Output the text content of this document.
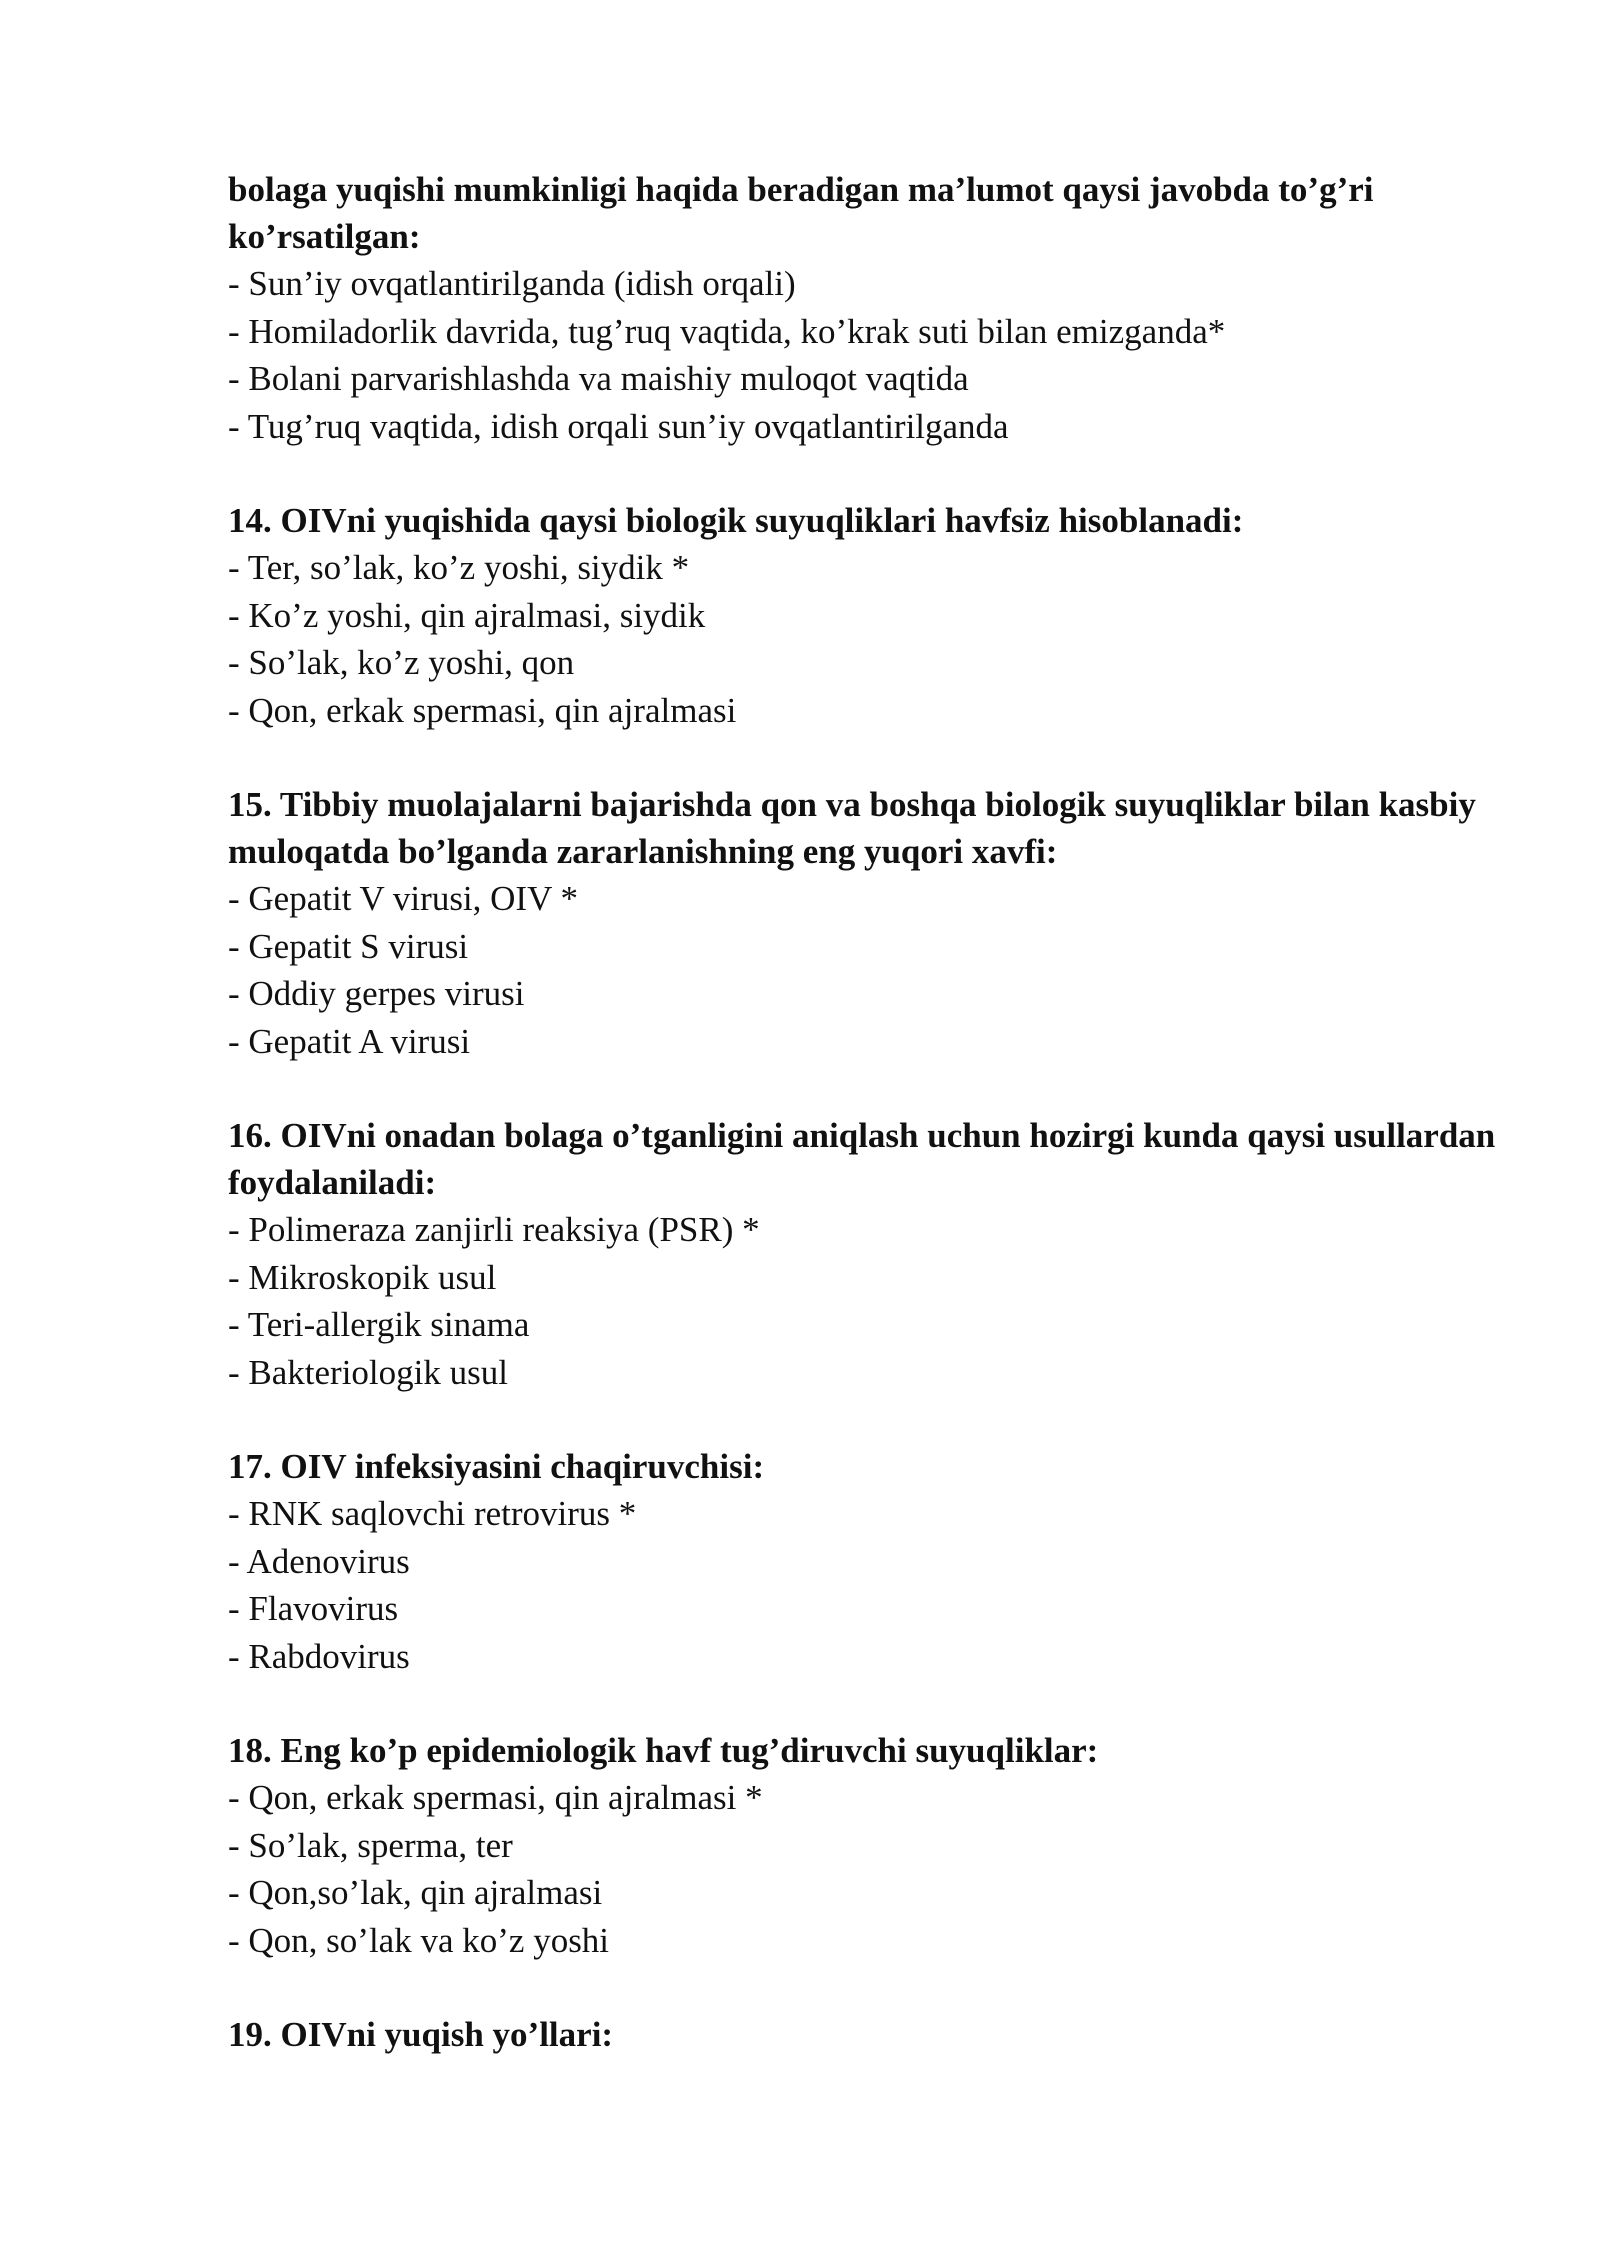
bolaga yuqishi mumkinligi haqida beradigan ma’lumot qaysi javobda to’g’ri ko’rsatilgan:

- Sun’iy ovqatlantirilganda (idish orqali)
- Homiladorlik davrida, tug’ruq vaqtida, ko’krak suti bilan emizganda*
- Bolani parvarishlashda va maishiy muloqot vaqtida
- Tug’ruq vaqtida, idish orqali sun’iy ovqatlantirilganda

14. OIVni yuqishida qaysi biologik suyuqliklari havfsiz hisoblanadi:

- Ter, so’lak, ko’z yoshi, siydik *
- Ko’z yoshi, qin ajralmasi, siydik
- So’lak, ko’z yoshi, qon
- Qon, erkak spermasi, qin ajralmasi

15. Tibbiy muolajalarni bajarishda qon va boshqa biologik suyuqliklar bilan kasbiy muloqatda bo’lganda zararlanishning eng yuqori xavfi:

- Gepatit V virusi, OIV *
- Gepatit S virusi
- Oddiy gerpes virusi
- Gepatit A virusi

16. OIVni onadan bolaga o’tganligini aniqlash uchun hozirgi kunda qaysi usullardan foydalaniladi:

- Polimeraza zanjirli reaksiya (PSR) *
- Mikroskopik usul
- Teri-allergik sinama
- Bakteriologik usul

17. OIV infeksiyasini chaqiruvchisi:

- RNK saqlovchi retrovirus *
- Adenovirus
- Flavovirus
- Rabdovirus

18. Eng ko’p epidemiologik havf tug’diruvchi suyuqliklar:

- Qon, erkak spermasi, qin ajralmasi *
- So’lak, sperma, ter
- Qon,so’lak, qin ajralmasi
- Qon, so’lak va ko’z yoshi

19. OIVni yuqish yo’llari:
